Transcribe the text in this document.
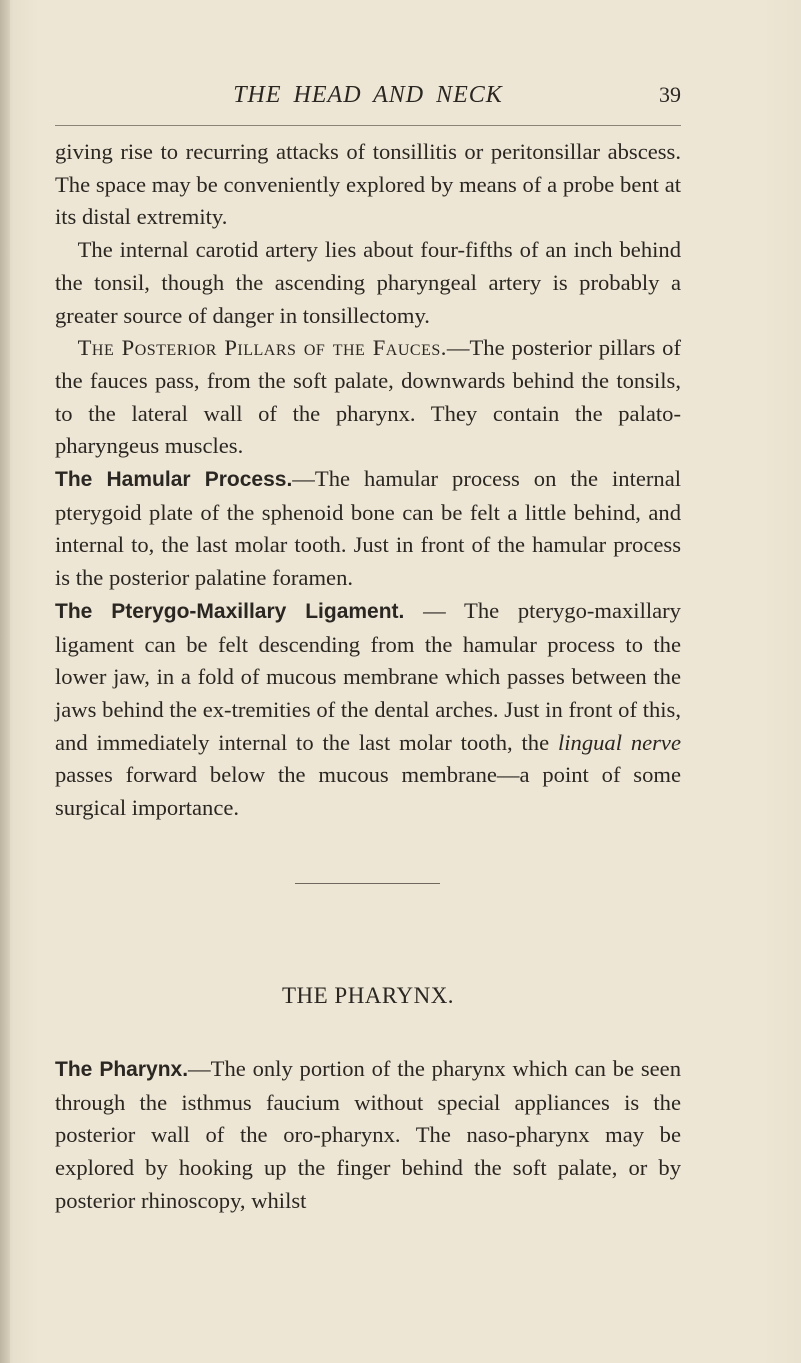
THE HEAD AND NECK	39

giving rise to recurring attacks of tonsillitis or peritonsillar abscess. The space may be conveniently explored by means of a probe bent at its distal extremity.

 The internal carotid artery lies about four-fifths of an inch behind the tonsil, though the ascending pharyngeal artery is probably a greater source of danger in tonsillectomy.

 The Posterior Pillars of the Fauces.—The posterior pillars of the fauces pass, from the soft palate, downwards behind the tonsils, to the lateral wall of the pharynx. They contain the palato-pharyngeus muscles.

The Hamular Process.—The hamular process on the internal pterygoid plate of the sphenoid bone can be felt a little behind, and internal to, the last molar tooth. Just in front of the hamular process is the posterior palatine foramen.

The Pterygo-Maxillary Ligament. — The pterygo-maxillary ligament can be felt descending from the hamular process to the lower jaw, in a fold of mucous membrane which passes between the jaws behind the ex-tremities of the dental arches. Just in front of this, and immediately internal to the last molar tooth, the lingual nerve passes forward below the mucous membrane—a point of some surgical importance.

THE PHARYNX.

The Pharynx.—The only portion of the pharynx which can be seen through the isthmus faucium without special appliances is the posterior wall of the oro-pharynx. The naso-pharynx may be explored by hooking up the finger behind the soft palate, or by posterior rhinoscopy, whilst
